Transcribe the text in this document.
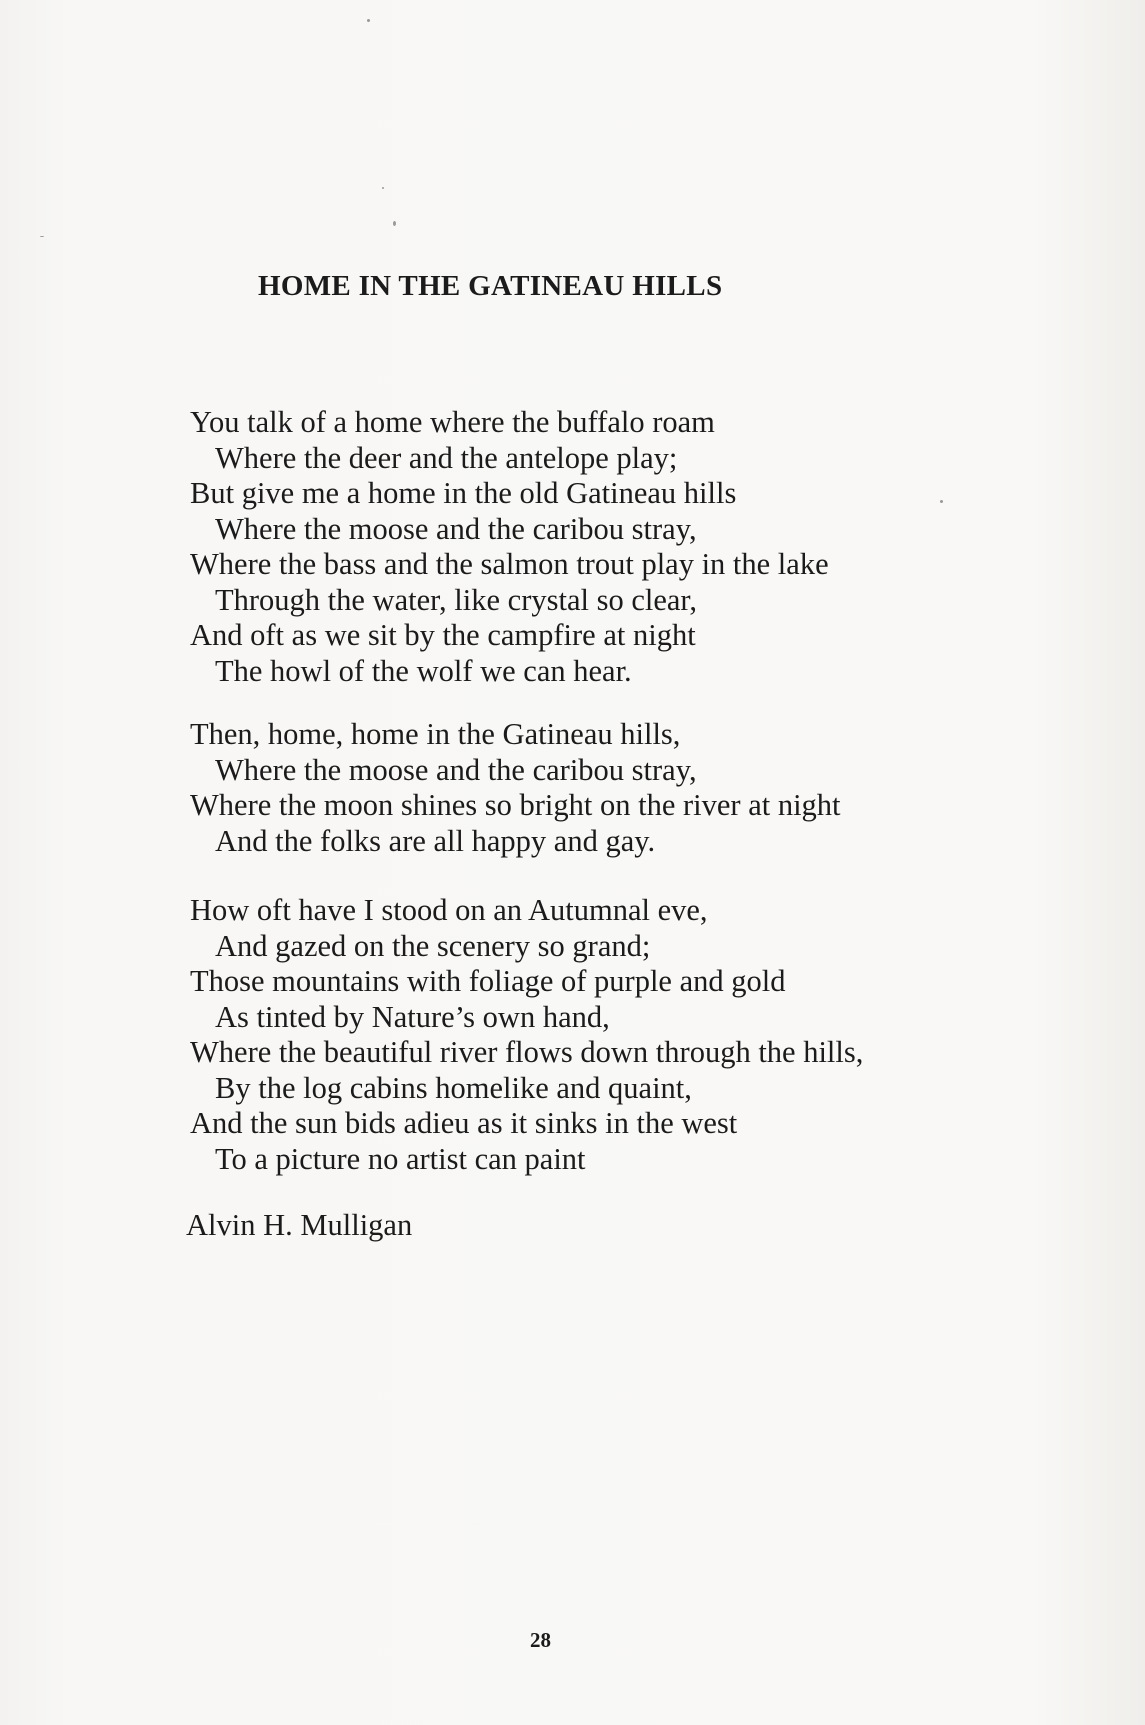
HOME IN THE GATINEAU HILLS
You talk of a home where the buffalo roam
Where the deer and the antelope play;
But give me a home in the old Gatineau hills
Where the moose and the caribou stray,
Where the bass and the salmon trout play in the lake
Through the water, like crystal so clear,
And oft as we sit by the campfire at night
The howl of the wolf we can hear.
Then, home, home in the Gatineau hills,
Where the moose and the caribou stray,
Where the moon shines so bright on the river at night
And the folks are all happy and gay.
How oft have I stood on an Autumnal eve,
And gazed on the scenery so grand;
Those mountains with foliage of purple and gold
As tinted by Nature’s own hand,
Where the beautiful river flows down through the hills,
By the log cabins homelike and quaint,
And the sun bids adieu as it sinks in the west
To a picture no artist can paint

Alvin H. Mulligan

28
